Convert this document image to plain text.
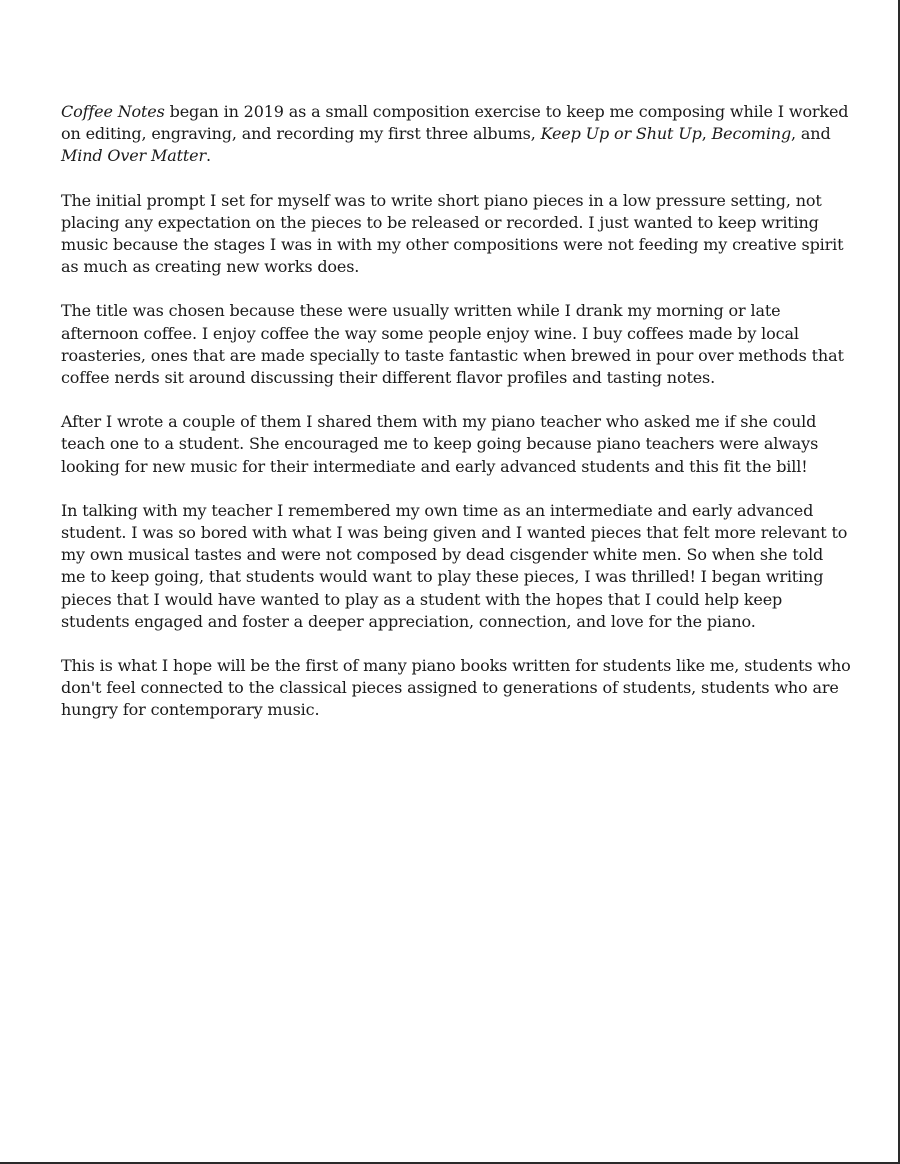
Coffee Notes began in 2019 as a small composition exercise to keep me composing while I worked on editing, engraving, and recording my first three albums, Keep Up or Shut Up, Becoming, and Mind Over Matter.

The initial prompt I set for myself was to write short piano pieces in a low pressure setting, not placing any expectation on the pieces to be released or recorded. I just wanted to keep writing music because the stages I was in with my other compositions were not feeding my creative spirit as much as creating new works does.

The title was chosen because these were usually written while I drank my morning or late afternoon coffee. I enjoy coffee the way some people enjoy wine. I buy coffees made by local roasteries, ones that are made specially to taste fantastic when brewed in pour over methods that coffee nerds sit around discussing their different flavor profiles and tasting notes.

After I wrote a couple of them I shared them with my piano teacher who asked me if she could teach one to a student. She encouraged me to keep going because piano teachers were always looking for new music for their intermediate and early advanced students and this fit the bill!

In talking with my teacher I remembered my own time as an intermediate and early advanced student. I was so bored with what I was being given and I wanted pieces that felt more relevant to my own musical tastes and were not composed by dead cisgender white men. So when she told me to keep going, that students would want to play these pieces, I was thrilled! I began writing pieces that I would have wanted to play as a student with the hopes that I could help keep students engaged and foster a deeper appreciation, connection, and love for the piano.

This is what I hope will be the first of many piano books written for students like me, students who don't feel connected to the classical pieces assigned to generations of students, students who are hungry for contemporary music.
